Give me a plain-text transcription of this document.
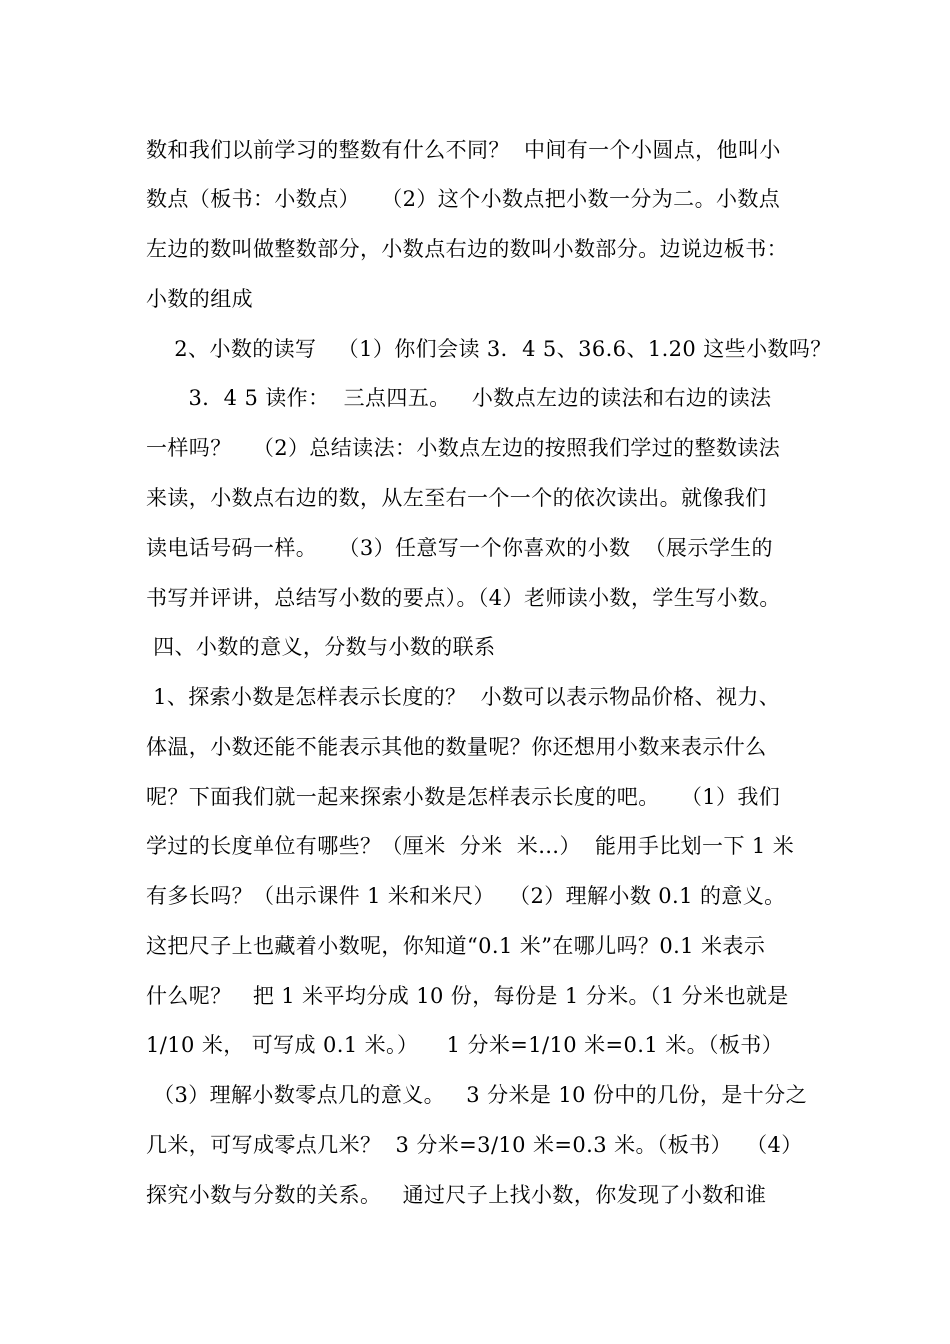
数和我们以前学习的整数有什么不同？  中间有一个小圆点，他叫小
数点（板书：小数点）   （2）这个小数点把小数一分为二。小数点
左边的数叫做整数部分，小数点右边的数叫小数部分。边说边板书：
小数的组成
2、小数的读写   （1）你们会读 3．4 5、36.6、1.20 这些小数吗？
3．4 5 读作：  三点四五。   小数点左边的读法和右边的读法
一样吗？   （2）总结读法：小数点左边的按照我们学过的整数读法
来读，小数点右边的数，从左至右一个一个的依次读出。就像我们
读电话号码一样。   （3）任意写一个你喜欢的小数  （展示学生的
书写并评讲，总结写小数的要点）。（4）老师读小数，学生写小数。
四、小数的意义，分数与小数的联系
1、探索小数是怎样表示长度的？  小数可以表示物品价格、视力、
体温，小数还能不能表示其他的数量呢？你还想用小数来表示什么
呢？下面我们就一起来探索小数是怎样表示长度的吧。   （1）我们
学过的长度单位有哪些？（厘米  分米  米…）  能用手比划一下 1 米
有多长吗？（出示课件 1 米和米尺）  （2）理解小数 0.1 的意义。
这把尺子上也藏着小数呢，你知道“0.1 米”在哪儿吗？0.1 米表示
什么呢？   把 1 米平均分成 10 份，每份是 1 分米。（1 分米也就是
1/10 米， 可写成 0.1 米。）    1 分米=1/10 米=0.1 米。（板书）
（3）理解小数零点几的意义。   3 分米是 10 份中的几份，是十分之
几米，可写成零点几米？  3 分米=3/10 米=0.3 米。（板书）  （4）
探究小数与分数的关系。   通过尺子上找小数，你发现了小数和谁
